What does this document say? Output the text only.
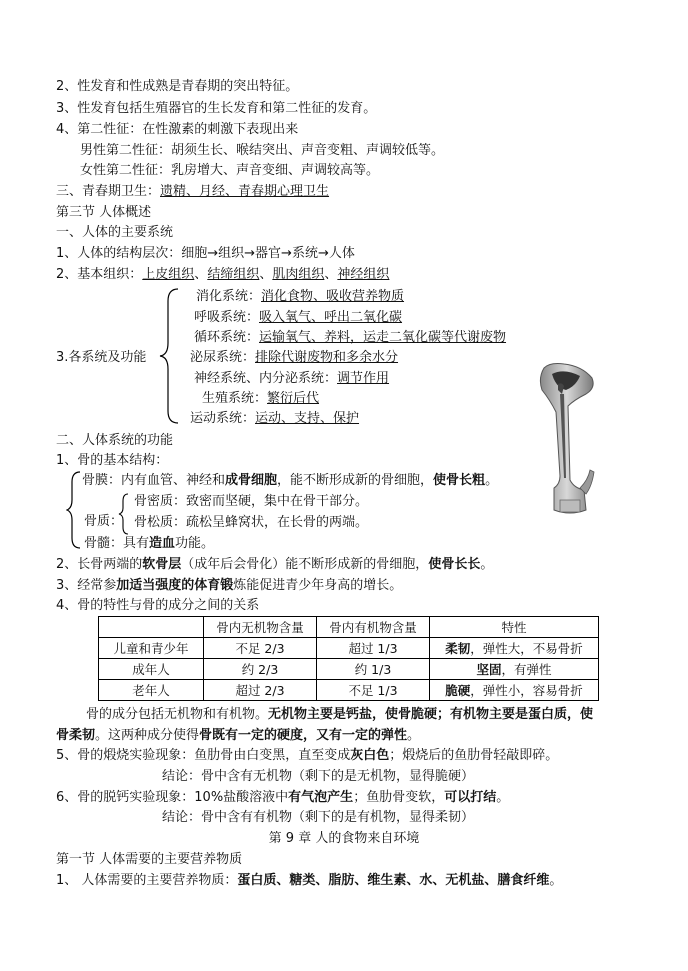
2、性发育和性成熟是青春期的突出特征。
3、性发育包括生殖器官的生长发育和第二性征的发育。
4、第二性征：在性激素的刺激下表现出来
男性第二性征：胡须生长、喉结突出、声音变粗、声调较低等。
女性第二性征：乳房增大、声音变细、声调较高等。
三、青春期卫生：遗精、月经、青春期心理卫生
第三节 人体概述
一、人体的主要系统
1、人体的结构层次：细胞→组织→器官→系统→人体
2、基本组织：上皮组织、结缔组织、肌肉组织、神经组织
3.各系统及功能
消化系统：消化食物、吸收营养物质
呼吸系统：吸入氧气、呼出二氧化碳
循环系统：运输氧气、养料，运走二氧化碳等代谢废物
泌尿系统：排除代谢废物和多余水分
神经系统、内分泌系统：调节作用
生殖系统：繁衍后代
运动系统：运动、支持、保护
二、人体系统的功能
1、骨的基本结构：
骨膜：内有血管、神经和成骨细胞，能不断形成新的骨细胞，使骨长粗。
骨密质：致密而坚硬，集中在骨干部分。
骨质： 骨松质：疏松呈蜂窝状，在长骨的两端。
骨髓：具有造血功能。
2、长骨两端的软骨层（成年后会骨化）能不断形成新的骨细胞，使骨长长。
3、经常参加适当强度的体育锻炼能促进青少年身高的增长。
4、骨的特性与骨的成分之间的关系
	骨内无机物含量	骨内有机物含量	特性
儿童和青少年	不足 2/3	超过 1/3	柔韧，弹性大，不易骨折
成年人	约 2/3	约 1/3	坚固，有弹性
老年人	超过 2/3	不足 1/3	脆硬，弹性小，容易骨折
骨的成分包括无机物和有机物。无机物主要是钙盐，使骨脆硬；有机物主要是蛋白质，使
骨柔韧。这两种成分使得骨既有一定的硬度，又有一定的弹性。
5、骨的煅烧实验现象：鱼肋骨由白变黑，直至变成灰白色；煅烧后的鱼肋骨轻敲即碎。
结论：骨中含有无机物（剩下的是无机物，显得脆硬）
6、骨的脱钙实验现象：10%盐酸溶液中有气泡产生；鱼肋骨变软，可以打结。
结论：骨中含有有机物（剩下的是有机物，显得柔韧）
第 9 章 人的食物来自环境
第一节 人体需要的主要营养物质
1、 人体需要的主要营养物质：蛋白质、糖类、脂肪、维生素、水、无机盐、膳食纤维。
